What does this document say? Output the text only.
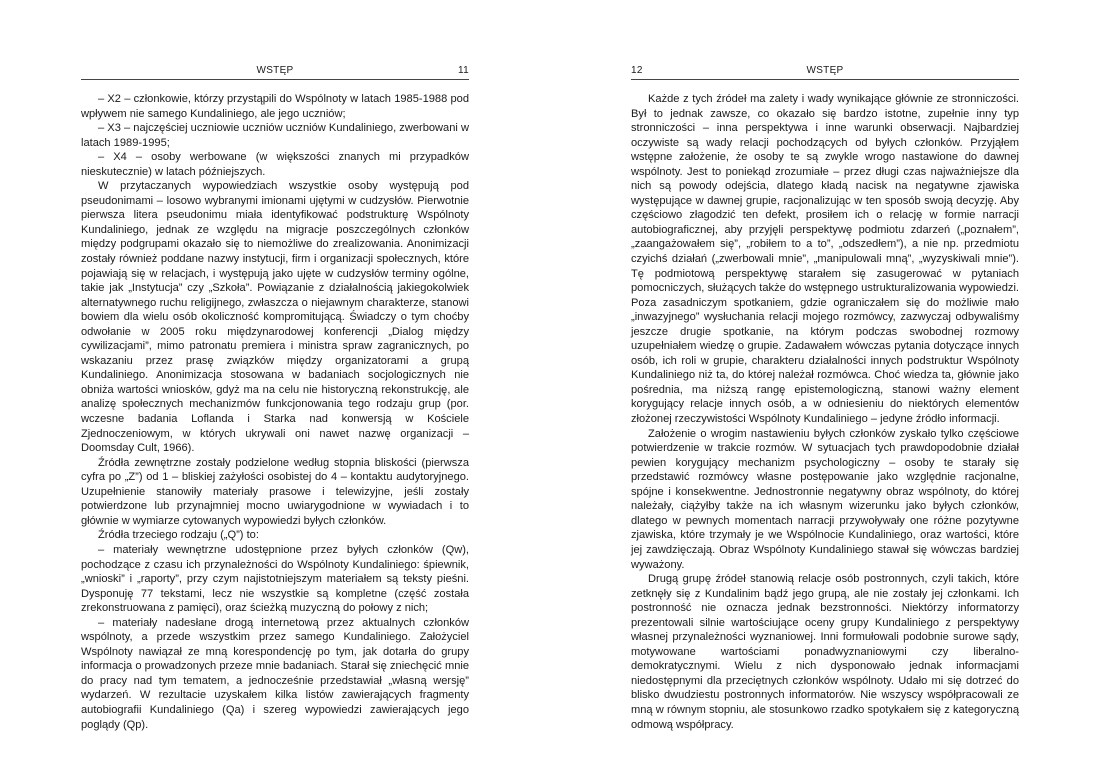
WSTĘP	11

– X2 – członkowie, którzy przystąpili do Wspólnoty w latach 1985-1988 pod wpływem nie samego Kundaliniego, ale jego uczniów;

– X3 – najczęściej uczniowie uczniów uczniów Kundaliniego, zwerbowani w latach 1989-1995;

– X4 – osoby werbowane (w większości znanych mi przypadków nieskutecznie) w latach późniejszych.

W przytaczanych wypowiedziach wszystkie osoby występują pod pseudonimami – losowo wybranymi imionami ujętymi w cudzysłów. Pierwotnie pierwsza litera pseudonimu miała identyfikować podstrukturę Wspólnoty Kundaliniego, jednak ze względu na migracje poszczególnych członków między podgrupami okazało się to niemożliwe do zrealizowania. Anonimizacji zostały również poddane nazwy instytucji, firm i organizacji społecznych, które pojawiają się w relacjach, i występują jako ujęte w cudzysłów terminy ogólne, takie jak „Instytucja” czy „Szkoła”. Powiązanie z działalnością jakiegokolwiek alternatywnego ruchu religijnego, zwłaszcza o niejawnym charakterze, stanowi bowiem dla wielu osób okoliczność kompromitującą. Świadczy o tym choćby odwołanie w 2005 roku międzynarodowej konferencji „Dialog między cywilizacjami”, mimo patronatu premiera i ministra spraw zagranicznych, po wskazaniu przez prasę związków między organizatorami a grupą Kundaliniego. Anonimizacja stosowana w badaniach socjologicznych nie obniża wartości wniosków, gdyż ma na celu nie historyczną rekonstrukcję, ale analizę społecznych mechanizmów funkcjonowania tego rodzaju grup (por. wczesne badania Loflanda i Starka nad konwersją w Kościele Zjednoczeniowym, w których ukrywali oni nawet nazwę organizacji – Doomsday Cult, 1966).

Źródła zewnętrzne zostały podzielone według stopnia bliskości (pierwsza cyfra po „Z”) od 1 – bliskiej zażyłości osobistej do 4 – kontaktu audytoryjnego. Uzupełnienie stanowiły materiały prasowe i telewizyjne, jeśli zostały potwierdzone lub przynajmniej mocno uwiarygodnione w wywiadach i to głównie w wymiarze cytowanych wypowiedzi byłych członków.

Źródła trzeciego rodzaju („Q”) to:

– materiały wewnętrzne udostępnione przez byłych członków (Qw), pochodzące z czasu ich przynależności do Wspólnoty Kundaliniego: śpiewnik, „wnioski” i „raporty”, przy czym najistotniejszym materiałem są teksty pieśni. Dysponuję 77 tekstami, lecz nie wszystkie są kompletne (część została zrekonstruowana z pamięci), oraz ścieżką muzyczną do połowy z nich;

– materiały nadesłane drogą internetową przez aktualnych członków wspólnoty, a przede wszystkim przez samego Kundaliniego. Założyciel Wspólnoty nawiązał ze mną korespondencję po tym, jak dotarła do grupy informacja o prowadzonych przeze mnie badaniach. Starał się zniechęcić mnie do pracy nad tym tematem, a jednocześnie przedstawiał „własną wersję” wydarzeń. W rezultacie uzyskałem kilka listów zawierających fragmenty autobiografii Kundaliniego (Qa) i szereg wypowiedzi zawierających jego poglądy (Qp).

12	WSTĘP

Każde z tych źródeł ma zalety i wady wynikające głównie ze stronniczości. Był to jednak zawsze, co okazało się bardzo istotne, zupełnie inny typ stronniczości – inna perspektywa i inne warunki obserwacji. Najbardziej oczywiste są wady relacji pochodzących od byłych członków. Przyjąłem wstępne założenie, że osoby te są zwykle wrogo nastawione do dawnej wspólnoty. Jest to poniekąd zrozumiałe – przez długi czas najważniejsze dla nich są powody odejścia, dlatego kładą nacisk na negatywne zjawiska występujące w dawnej grupie, racjonalizując w ten sposób swoją decyzję. Aby częściowo złagodzić ten defekt, prosiłem ich o relację w formie narracji autobiograficznej, aby przyjęli perspektywę podmiotu zdarzeń („poznałem”, „zaangażowałem się”, „robiłem to a to”, „odszedłem”), a nie np. przedmiotu czyichś działań („zwerbowali mnie”, „manipulowali mną”, „wyzyskiwali mnie”). Tę podmiotową perspektywę starałem się zasugerować w pytaniach pomocniczych, służących także do wstępnego ustrukturalizowania wypowiedzi. Poza zasadniczym spotkaniem, gdzie ograniczałem się do możliwie mało „inwazyjnego” wysłuchania relacji mojego rozmówcy, zazwyczaj odbywaliśmy jeszcze drugie spotkanie, na którym podczas swobodnej rozmowy uzupełniałem wiedzę o grupie. Zadawałem wówczas pytania dotyczące innych osób, ich roli w grupie, charakteru działalności innych podstruktur Wspólnoty Kundaliniego niż ta, do której należał rozmówca. Choć wiedza ta, głównie jako pośrednia, ma niższą rangę epistemologiczną, stanowi ważny element korygujący relacje innych osób, a w odniesieniu do niektórych elementów złożonej rzeczywistości Wspólnoty Kundaliniego – jedyne źródło informacji.

Założenie o wrogim nastawieniu byłych członków zyskało tylko częściowe potwierdzenie w trakcie rozmów. W sytuacjach tych prawdopodobnie działał pewien korygujący mechanizm psychologiczny – osoby te starały się przedstawić rozmówcy własne postępowanie jako względnie racjonalne, spójne i konsekwentne. Jednostronnie negatywny obraz wspólnoty, do której należały, ciążyłby także na ich własnym wizerunku jako byłych członków, dlatego w pewnych momentach narracji przywoływały one różne pozytywne zjawiska, które trzymały je we Wspólnocie Kundaliniego, oraz wartości, które jej zawdzięczają. Obraz Wspólnoty Kundaliniego stawał się wówczas bardziej wyważony.

Drugą grupę źródeł stanowią relacje osób postronnych, czyli takich, które zetknęły się z Kundalinim bądź jego grupą, ale nie zostały jej członkami. Ich postronność nie oznacza jednak bezstronności. Niektórzy informatorzy prezentowali silnie wartościujące oceny grupy Kundaliniego z perspektywy własnej przynależności wyznaniowej. Inni formułowali podobnie surowe sądy, motywowane wartościami ponadwyznaniowymi czy liberalno-demokratycznymi. Wielu z nich dysponowało jednak informacjami niedostępnymi dla przeciętnych członków wspólnoty. Udało mi się dotrzeć do blisko dwudziestu postronnych informatorów. Nie wszyscy współpracowali ze mną w równym stopniu, ale stosunkowo rzadko spotykałem się z kategoryczną odmową współpracy.
